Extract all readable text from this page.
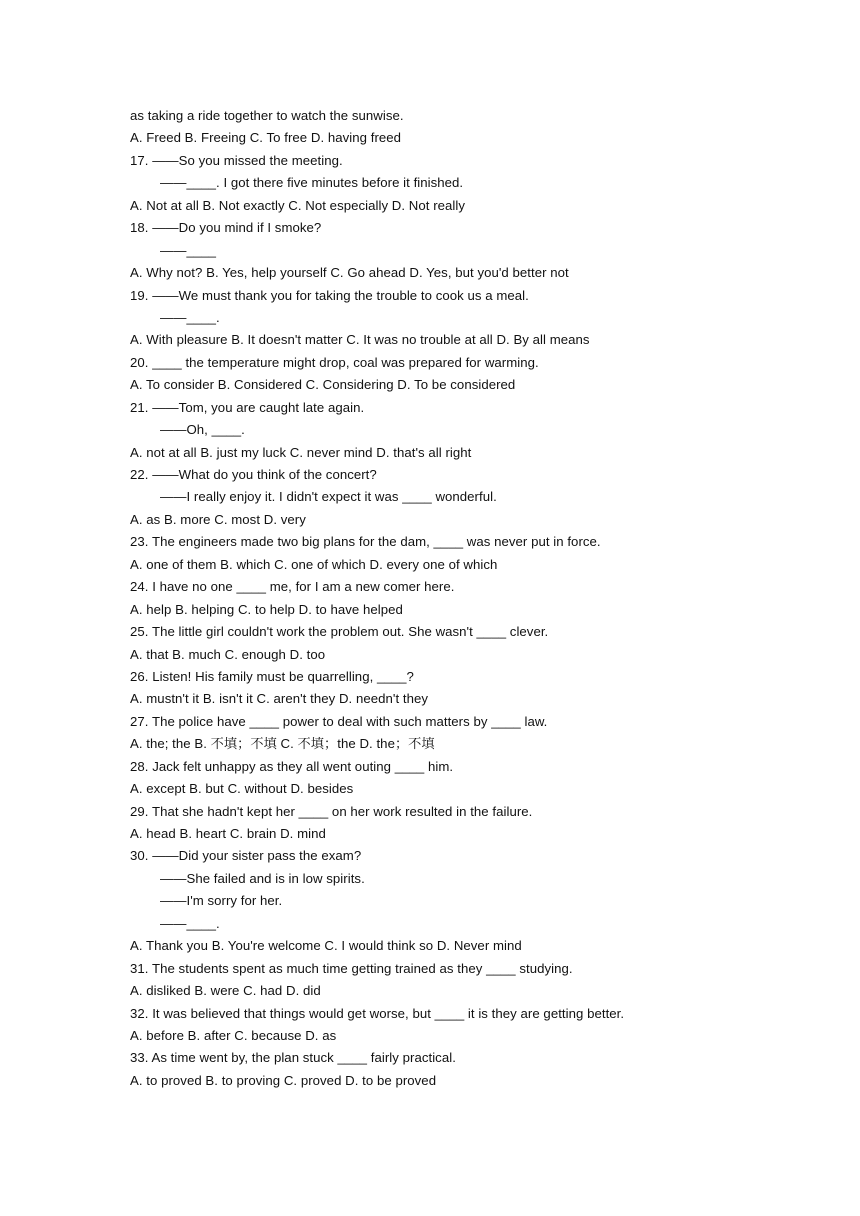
as taking a ride together to watch the sunwise.
A. Freed B. Freeing C. To free D. having freed
17. ——So you missed the meeting.
——____. I got there five minutes before it finished.
A. Not at all B. Not exactly C. Not especially D. Not really
18. ——Do you mind if I smoke?
——____
A. Why not? B. Yes, help yourself C. Go ahead D. Yes, but you'd better not
19. ——We must thank you for taking the trouble to cook us a meal.
——____.
A. With pleasure B. It doesn't matter C. It was no trouble at all D. By all means
20. ____ the temperature might drop, coal was prepared for warming.
A. To consider B. Considered C. Considering D. To be considered
21. ——Tom, you are caught late again.
——Oh, ____.
A. not at all B. just my luck C. never mind D. that's all right
22. ——What do you think of the concert?
——I really enjoy it. I didn't expect it was ____ wonderful.
A. as B. more C. most D. very
23. The engineers made two big plans for the dam, ____ was never put in force.
A. one of them B. which C. one of which D. every one of which
24. I have no one ____ me, for I am a new comer here.
A. help B. helping C. to help D. to have helped
25. The little girl couldn't work the problem out. She wasn't ____ clever.
A. that B. much C. enough D. too
26. Listen! His family must be quarrelling, ____?
A. mustn't it B. isn't it C. aren't they D. needn't they
27. The police have ____ power to deal with such matters by ____ law.
A. the; the B. 不填；不填 C. 不填；the D. the；不填
28. Jack felt unhappy as they all went outing ____ him.
A. except B. but C. without D. besides
29. That she hadn't kept her ____ on her work resulted in the failure.
A. head B. heart C. brain D. mind
30. ——Did your sister pass the exam?
——She failed and is in low spirits.
——I'm sorry for her.
——____.
A. Thank you B. You're welcome C. I would think so D. Never mind
31. The students spent as much time getting trained as they ____ studying.
A. disliked B. were C. had D. did
32. It was believed that things would get worse, but ____ it is they are getting better.
A. before B. after C. because D. as
33. As time went by, the plan stuck ____ fairly practical.
A. to proved B. to proving C. proved D. to be proved
